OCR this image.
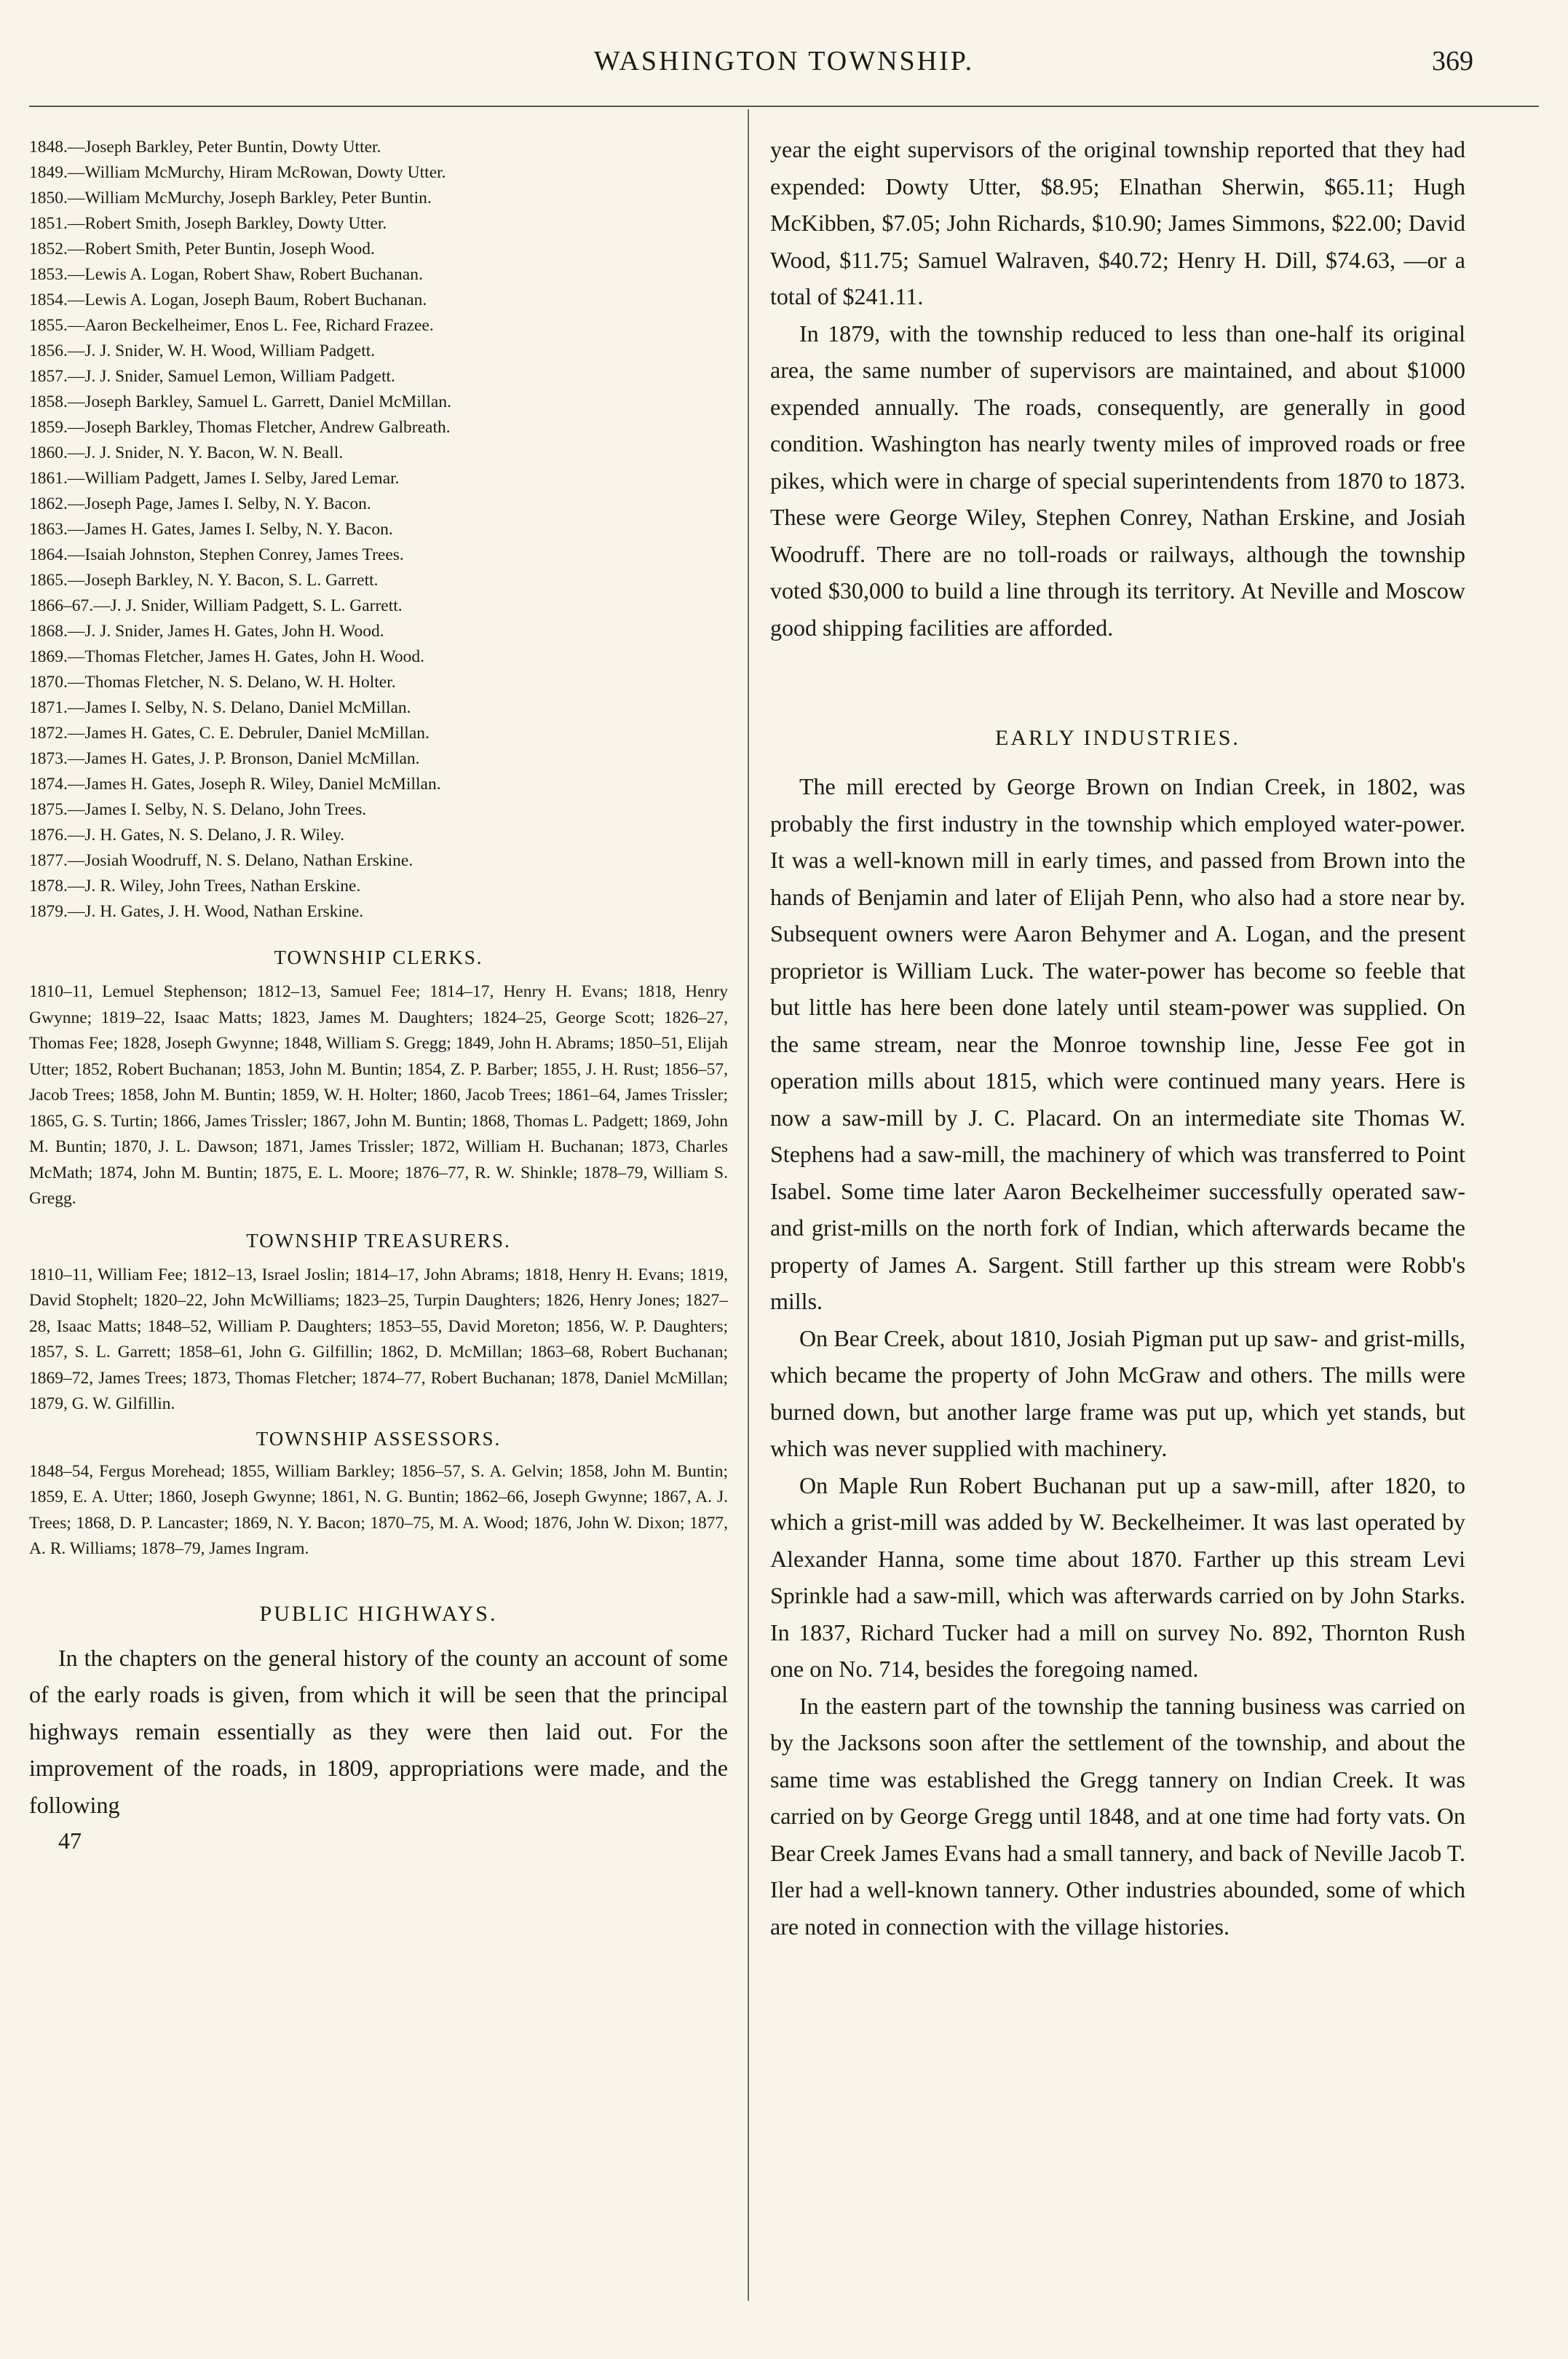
WASHINGTON TOWNSHIP.	369
1848.—Joseph Barkley, Peter Buntin, Dowty Utter.
1849.—William McMurchy, Hiram McRowan, Dowty Utter.
1850.—William McMurchy, Joseph Barkley, Peter Buntin.
1851.—Robert Smith, Joseph Barkley, Dowty Utter.
1852.—Robert Smith, Peter Buntin, Joseph Wood.
1853.—Lewis A. Logan, Robert Shaw, Robert Buchanan.
1854.—Lewis A. Logan, Joseph Baum, Robert Buchanan.
1855.—Aaron Beckelheimer, Enos L. Fee, Richard Frazee.
1856.—J. J. Snider, W. H. Wood, William Padgett.
1857.—J. J. Snider, Samuel Lemon, William Padgett.
1858.—Joseph Barkley, Samuel L. Garrett, Daniel McMillan.
1859.—Joseph Barkley, Thomas Fletcher, Andrew Galbreath.
1860.—J. J. Snider, N. Y. Bacon, W. N. Beall.
1861.—William Padgett, James I. Selby, Jared Lemar.
1862.—Joseph Page, James I. Selby, N. Y. Bacon.
1863.—James H. Gates, James I. Selby, N. Y. Bacon.
1864.—Isaiah Johnston, Stephen Conrey, James Trees.
1865.—Joseph Barkley, N. Y. Bacon, S. L. Garrett.
1866–67.—J. J. Snider, William Padgett, S. L. Garrett.
1868.—J. J. Snider, James H. Gates, John H. Wood.
1869.—Thomas Fletcher, James H. Gates, John H. Wood.
1870.—Thomas Fletcher, N. S. Delano, W. H. Holter.
1871.—James I. Selby, N. S. Delano, Daniel McMillan.
1872.—James H. Gates, C. E. Debruler, Daniel McMillan.
1873.—James H. Gates, J. P. Bronson, Daniel McMillan.
1874.—James H. Gates, Joseph R. Wiley, Daniel McMillan.
1875.—James I. Selby, N. S. Delano, John Trees.
1876.—J. H. Gates, N. S. Delano, J. R. Wiley.
1877.—Josiah Woodruff, N. S. Delano, Nathan Erskine.
1878.—J. R. Wiley, John Trees, Nathan Erskine.
1879.—J. H. Gates, J. H. Wood, Nathan Erskine.
TOWNSHIP CLERKS.

1810–11, Lemuel Stephenson; 1812–13, Samuel Fee; 1814–17, Henry H. Evans; 1818, Henry Gwynne; 1819–22, Isaac Matts; 1823, James M. Daughters; 1824–25, George Scott; 1826–27, Thomas Fee; 1828, Joseph Gwynne; 1848, William S. Gregg; 1849, John H. Abrams; 1850–51, Elijah Utter; 1852, Robert Buchanan; 1853, John M. Buntin; 1854, Z. P. Barber; 1855, J. H. Rust; 1856–57, Jacob Trees; 1858, John M. Buntin; 1859, W. H. Holter; 1860, Jacob Trees; 1861–64, James Trissler; 1865, G. S. Turtin; 1866, James Trissler; 1867, John M. Buntin; 1868, Thomas L. Padgett; 1869, John M. Buntin; 1870, J. L. Dawson; 1871, James Trissler; 1872, William H. Buchanan; 1873, Charles McMath; 1874, John M. Buntin; 1875, E. L. Moore; 1876–77, R. W. Shinkle; 1878–79, William S. Gregg.

TOWNSHIP TREASURERS.

1810–11, William Fee; 1812–13, Israel Joslin; 1814–17, John Abrams; 1818, Henry H. Evans; 1819, David Stophelt; 1820–22, John McWilliams; 1823–25, Turpin Daughters; 1826, Henry Jones; 1827–28, Isaac Matts; 1848–52, William P. Daughters; 1853–55, David Moreton; 1856, W. P. Daughters; 1857, S. L. Garrett; 1858–61, John G. Gilfillin; 1862, D. McMillan; 1863–68, Robert Buchanan; 1869–72, James Trees; 1873, Thomas Fletcher; 1874–77, Robert Buchanan; 1878, Daniel McMillan; 1879, G. W. Gilfillin.

TOWNSHIP ASSESSORS.

1848–54, Fergus Morehead; 1855, William Barkley; 1856–57, S. A. Gelvin; 1858, John M. Buntin; 1859, E. A. Utter; 1860, Joseph Gwynne; 1861, N. G. Buntin; 1862–66, Joseph Gwynne; 1867, A. J. Trees; 1868, D. P. Lancaster; 1869, N. Y. Bacon; 1870–75, M. A. Wood; 1876, John W. Dixon; 1877, A. R. Williams; 1878–79, James Ingram.

PUBLIC HIGHWAYS.

In the chapters on the general history of the county an account of some of the early roads is given, from which it will be seen that the principal highways remain essentially as they were then laid out. For the improvement of the roads, in 1809, appropriations were made, and the following

47

year the eight supervisors of the original township reported that they had expended: Dowty Utter, $8.95; Elnathan Sherwin, $65.11; Hugh McKibben, $7.05; John Richards, $10.90; James Simmons, $22.00; David Wood, $11.75; Samuel Walraven, $40.72; Henry H. Dill, $74.63, —or a total of $241.11.

In 1879, with the township reduced to less than one-half its original area, the same number of supervisors are maintained, and about $1000 expended annually. The roads, consequently, are generally in good condition. Washington has nearly twenty miles of improved roads or free pikes, which were in charge of special superintendents from 1870 to 1873. These were George Wiley, Stephen Conrey, Nathan Erskine, and Josiah Woodruff. There are no toll-roads or railways, although the township voted $30,000 to build a line through its territory. At Neville and Moscow good shipping facilities are afforded.

EARLY INDUSTRIES.

The mill erected by George Brown on Indian Creek, in 1802, was probably the first industry in the township which employed water-power. It was a well-known mill in early times, and passed from Brown into the hands of Benjamin and later of Elijah Penn, who also had a store near by. Subsequent owners were Aaron Behymer and A. Logan, and the present proprietor is William Luck. The water-power has become so feeble that but little has here been done lately until steam-power was supplied. On the same stream, near the Monroe township line, Jesse Fee got in operation mills about 1815, which were continued many years. Here is now a saw-mill by J. C. Placard. On an intermediate site Thomas W. Stephens had a saw-mill, the machinery of which was transferred to Point Isabel. Some time later Aaron Beckelheimer successfully operated saw- and grist-mills on the north fork of Indian, which afterwards became the property of James A. Sargent. Still farther up this stream were Robb's mills.

On Bear Creek, about 1810, Josiah Pigman put up saw- and grist-mills, which became the property of John McGraw and others. The mills were burned down, but another large frame was put up, which yet stands, but which was never supplied with machinery.

On Maple Run Robert Buchanan put up a saw-mill, after 1820, to which a grist-mill was added by W. Beckelheimer. It was last operated by Alexander Hanna, some time about 1870. Farther up this stream Levi Sprinkle had a saw-mill, which was afterwards carried on by John Starks. In 1837, Richard Tucker had a mill on survey No. 892, Thornton Rush one on No. 714, besides the foregoing named.

In the eastern part of the township the tanning business was carried on by the Jacksons soon after the settlement of the township, and about the same time was established the Gregg tannery on Indian Creek. It was carried on by George Gregg until 1848, and at one time had forty vats. On Bear Creek James Evans had a small tannery, and back of Neville Jacob T. Iler had a well-known tannery. Other industries abounded, some of which are noted in connection with the village histories.
